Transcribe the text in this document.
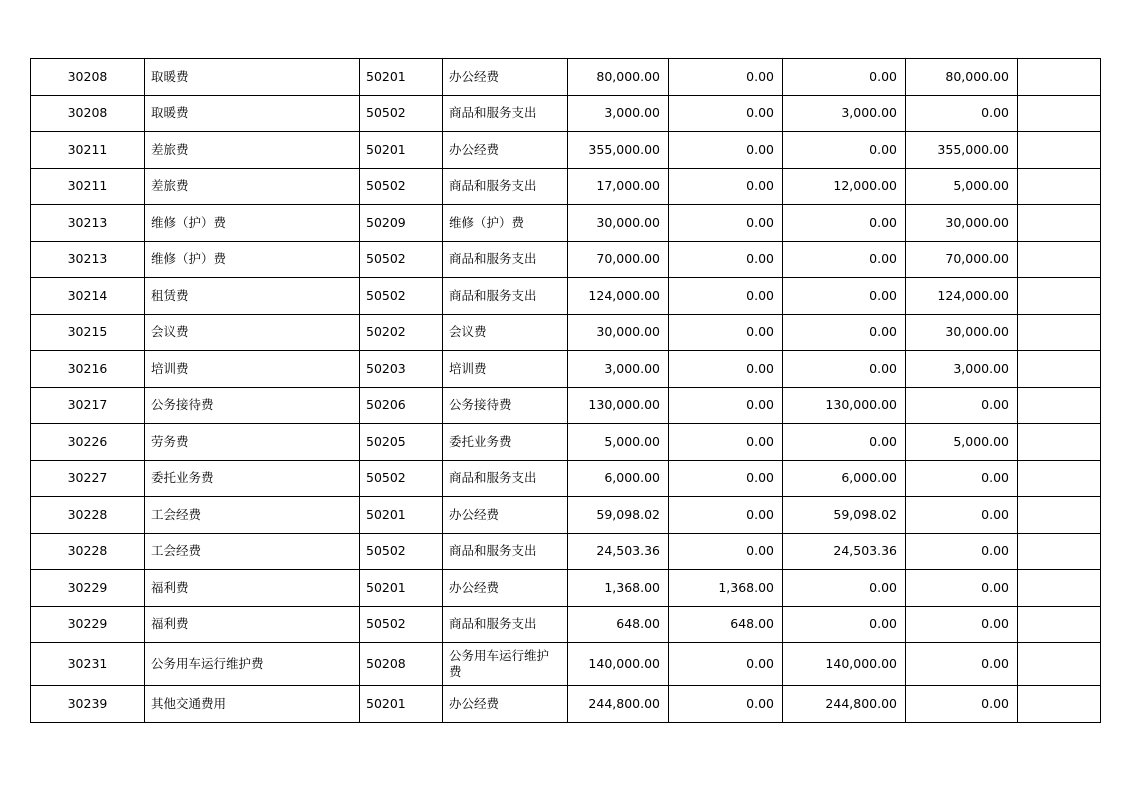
30208	取暖费	50201	办公经费	80,000.00	0.00	0.00	80,000.00	
30208	取暖费	50502	商品和服务支出	3,000.00	0.00	3,000.00	0.00	
30211	差旅费	50201	办公经费	355,000.00	0.00	0.00	355,000.00	
30211	差旅费	50502	商品和服务支出	17,000.00	0.00	12,000.00	5,000.00	
30213	维修（护）费	50209	维修（护）费	30,000.00	0.00	0.00	30,000.00	
30213	维修（护）费	50502	商品和服务支出	70,000.00	0.00	0.00	70,000.00	
30214	租赁费	50502	商品和服务支出	124,000.00	0.00	0.00	124,000.00	
30215	会议费	50202	会议费	30,000.00	0.00	0.00	30,000.00	
30216	培训费	50203	培训费	3,000.00	0.00	0.00	3,000.00	
30217	公务接待费	50206	公务接待费	130,000.00	0.00	130,000.00	0.00	
30226	劳务费	50205	委托业务费	5,000.00	0.00	0.00	5,000.00	
30227	委托业务费	50502	商品和服务支出	6,000.00	0.00	6,000.00	0.00	
30228	工会经费	50201	办公经费	59,098.02	0.00	59,098.02	0.00	
30228	工会经费	50502	商品和服务支出	24,503.36	0.00	24,503.36	0.00	
30229	福利费	50201	办公经费	1,368.00	1,368.00	0.00	0.00	
30229	福利费	50502	商品和服务支出	648.00	648.00	0.00	0.00	
30231	公务用车运行维护费	50208	公务用车运行维护费	140,000.00	0.00	140,000.00	0.00	
30239	其他交通费用	50201	办公经费	244,800.00	0.00	244,800.00	0.00	
